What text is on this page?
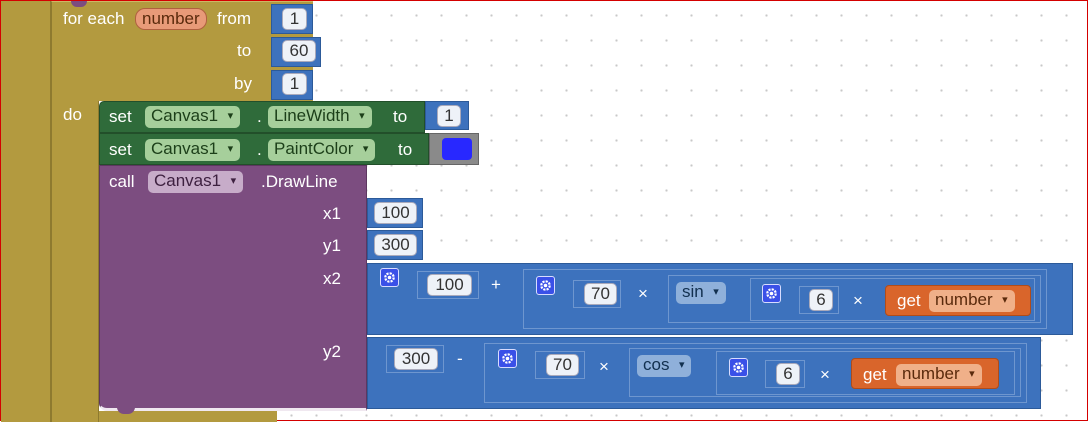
for each	number	from
to
by
do
1
60
1
set	Canvas1 ▾ . LineWidth ▾ to	1
set	Canvas1 ▾ . PaintColor ▾ to
call	Canvas1 ▾ .DrawLine
x1
y1
x2
y2
100
300
100	+	70	×	sin ▾	6	× get number ▾
300	-	70	×	cos ▾	6	× get number ▾
